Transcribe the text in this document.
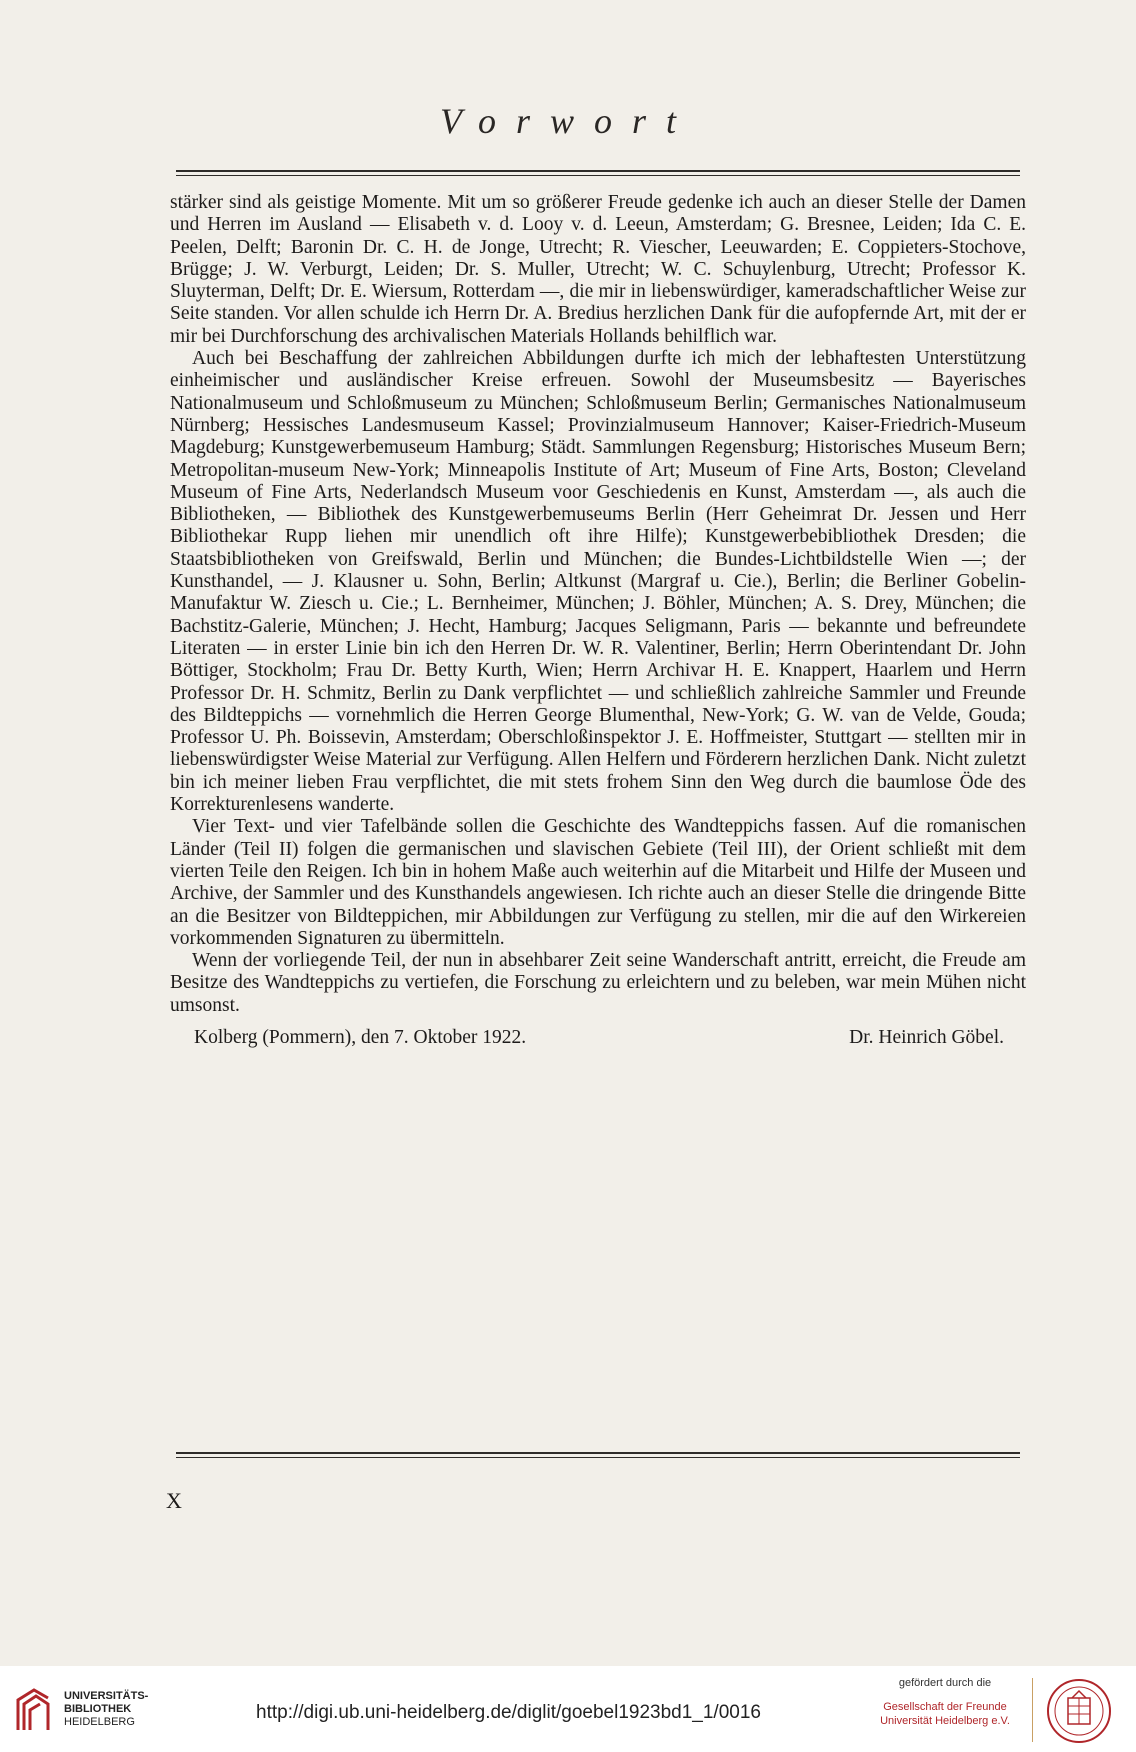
Vorwort

stärker sind als geistige Momente. Mit um so größerer Freude gedenke ich auch an dieser Stelle der Damen und Herren im Ausland — Elisabeth v. d. Looy v. d. Leeun, Amsterdam; G. Bresnee, Leiden; Ida C. E. Peelen, Delft; Baronin Dr. C. H. de Jonge, Utrecht; R. Viescher, Leeuwarden; E. Coppieters-Stochove, Brügge; J. W. Verburgt, Leiden; Dr. S. Muller, Utrecht; W. C. Schuylenburg, Utrecht; Professor K. Sluyterman, Delft; Dr. E. Wiersum, Rotterdam —, die mir in liebenswürdiger, kameradschaftlicher Weise zur Seite standen. Vor allen schulde ich Herrn Dr. A. Bredius herzlichen Dank für die aufopfernde Art, mit der er mir bei Durchforschung des archivalischen Materials Hollands behilflich war.

Auch bei Beschaffung der zahlreichen Abbildungen durfte ich mich der lebhaftesten Unterstützung einheimischer und ausländischer Kreise erfreuen. Sowohl der Museumsbesitz — Bayerisches Nationalmuseum und Schloßmuseum zu München; Schloßmuseum Berlin; Germanisches Nationalmuseum Nürnberg; Hessisches Landesmuseum Kassel; Provinzialmuseum Hannover; Kaiser-Friedrich-Museum Magdeburg; Kunstgewerbemuseum Hamburg; Städt. Sammlungen Regensburg; Historisches Museum Bern; Metropolitan-museum New-York; Minneapolis Institute of Art; Museum of Fine Arts, Boston; Cleveland Museum of Fine Arts, Nederlandsch Museum voor Geschiedenis en Kunst, Amsterdam —, als auch die Bibliotheken, — Bibliothek des Kunstgewerbemuseums Berlin (Herr Geheimrat Dr. Jessen und Herr Bibliothekar Rupp liehen mir unendlich oft ihre Hilfe); Kunstgewerbebibliothek Dresden; die Staatsbibliotheken von Greifswald, Berlin und München; die Bundes-Lichtbildstelle Wien —; der Kunsthandel, — J. Klausner u. Sohn, Berlin; Altkunst (Margraf u. Cie.), Berlin; die Berliner Gobelin-Manufaktur W. Ziesch u. Cie.; L. Bernheimer, München; J. Böhler, München; A. S. Drey, München; die Bachstitz-Galerie, München; J. Hecht, Hamburg; Jacques Seligmann, Paris — bekannte und befreundete Literaten — in erster Linie bin ich den Herren Dr. W. R. Valentiner, Berlin; Herrn Oberintendant Dr. John Böttiger, Stockholm; Frau Dr. Betty Kurth, Wien; Herrn Archivar H. E. Knappert, Haarlem und Herrn Professor Dr. H. Schmitz, Berlin zu Dank verpflichtet — und schließlich zahlreiche Sammler und Freunde des Bildteppichs — vornehmlich die Herren George Blumenthal, New-York; G. W. van de Velde, Gouda; Professor U. Ph. Boissevin, Amsterdam; Oberschloßinspektor J. E. Hoffmeister, Stuttgart — stellten mir in liebenswürdigster Weise Material zur Verfügung. Allen Helfern und Förderern herzlichen Dank. Nicht zuletzt bin ich meiner lieben Frau verpflichtet, die mit stets frohem Sinn den Weg durch die baumlose Öde des Korrekturenlesens wanderte.

Vier Text- und vier Tafelbände sollen die Geschichte des Wandteppichs fassen. Auf die romanischen Länder (Teil II) folgen die germanischen und slavischen Gebiete (Teil III), der Orient schließt mit dem vierten Teile den Reigen. Ich bin in hohem Maße auch weiterhin auf die Mitarbeit und Hilfe der Museen und Archive, der Sammler und des Kunsthandels angewiesen. Ich richte auch an dieser Stelle die dringende Bitte an die Besitzer von Bildteppichen, mir Abbildungen zur Verfügung zu stellen, mir die auf den Wirkereien vorkommenden Signaturen zu übermitteln.

Wenn der vorliegende Teil, der nun in absehbarer Zeit seine Wanderschaft antritt, erreicht, die Freude am Besitze des Wandteppichs zu vertiefen, die Forschung zu erleichtern und zu beleben, war mein Mühen nicht umsonst.

Kolberg (Pommern), den 7. Oktober 1922.	Dr. Heinrich Göbel.
X
UNIVERSITÄTS-
BIBLIOTHEK
HEIDELBERG	http://digi.ub.uni-heidelberg.de/diglit/goebel1923bd1_1/0016
gefördert durch die
Gesellschaft der Freunde
Universität Heidelberg e.V.
